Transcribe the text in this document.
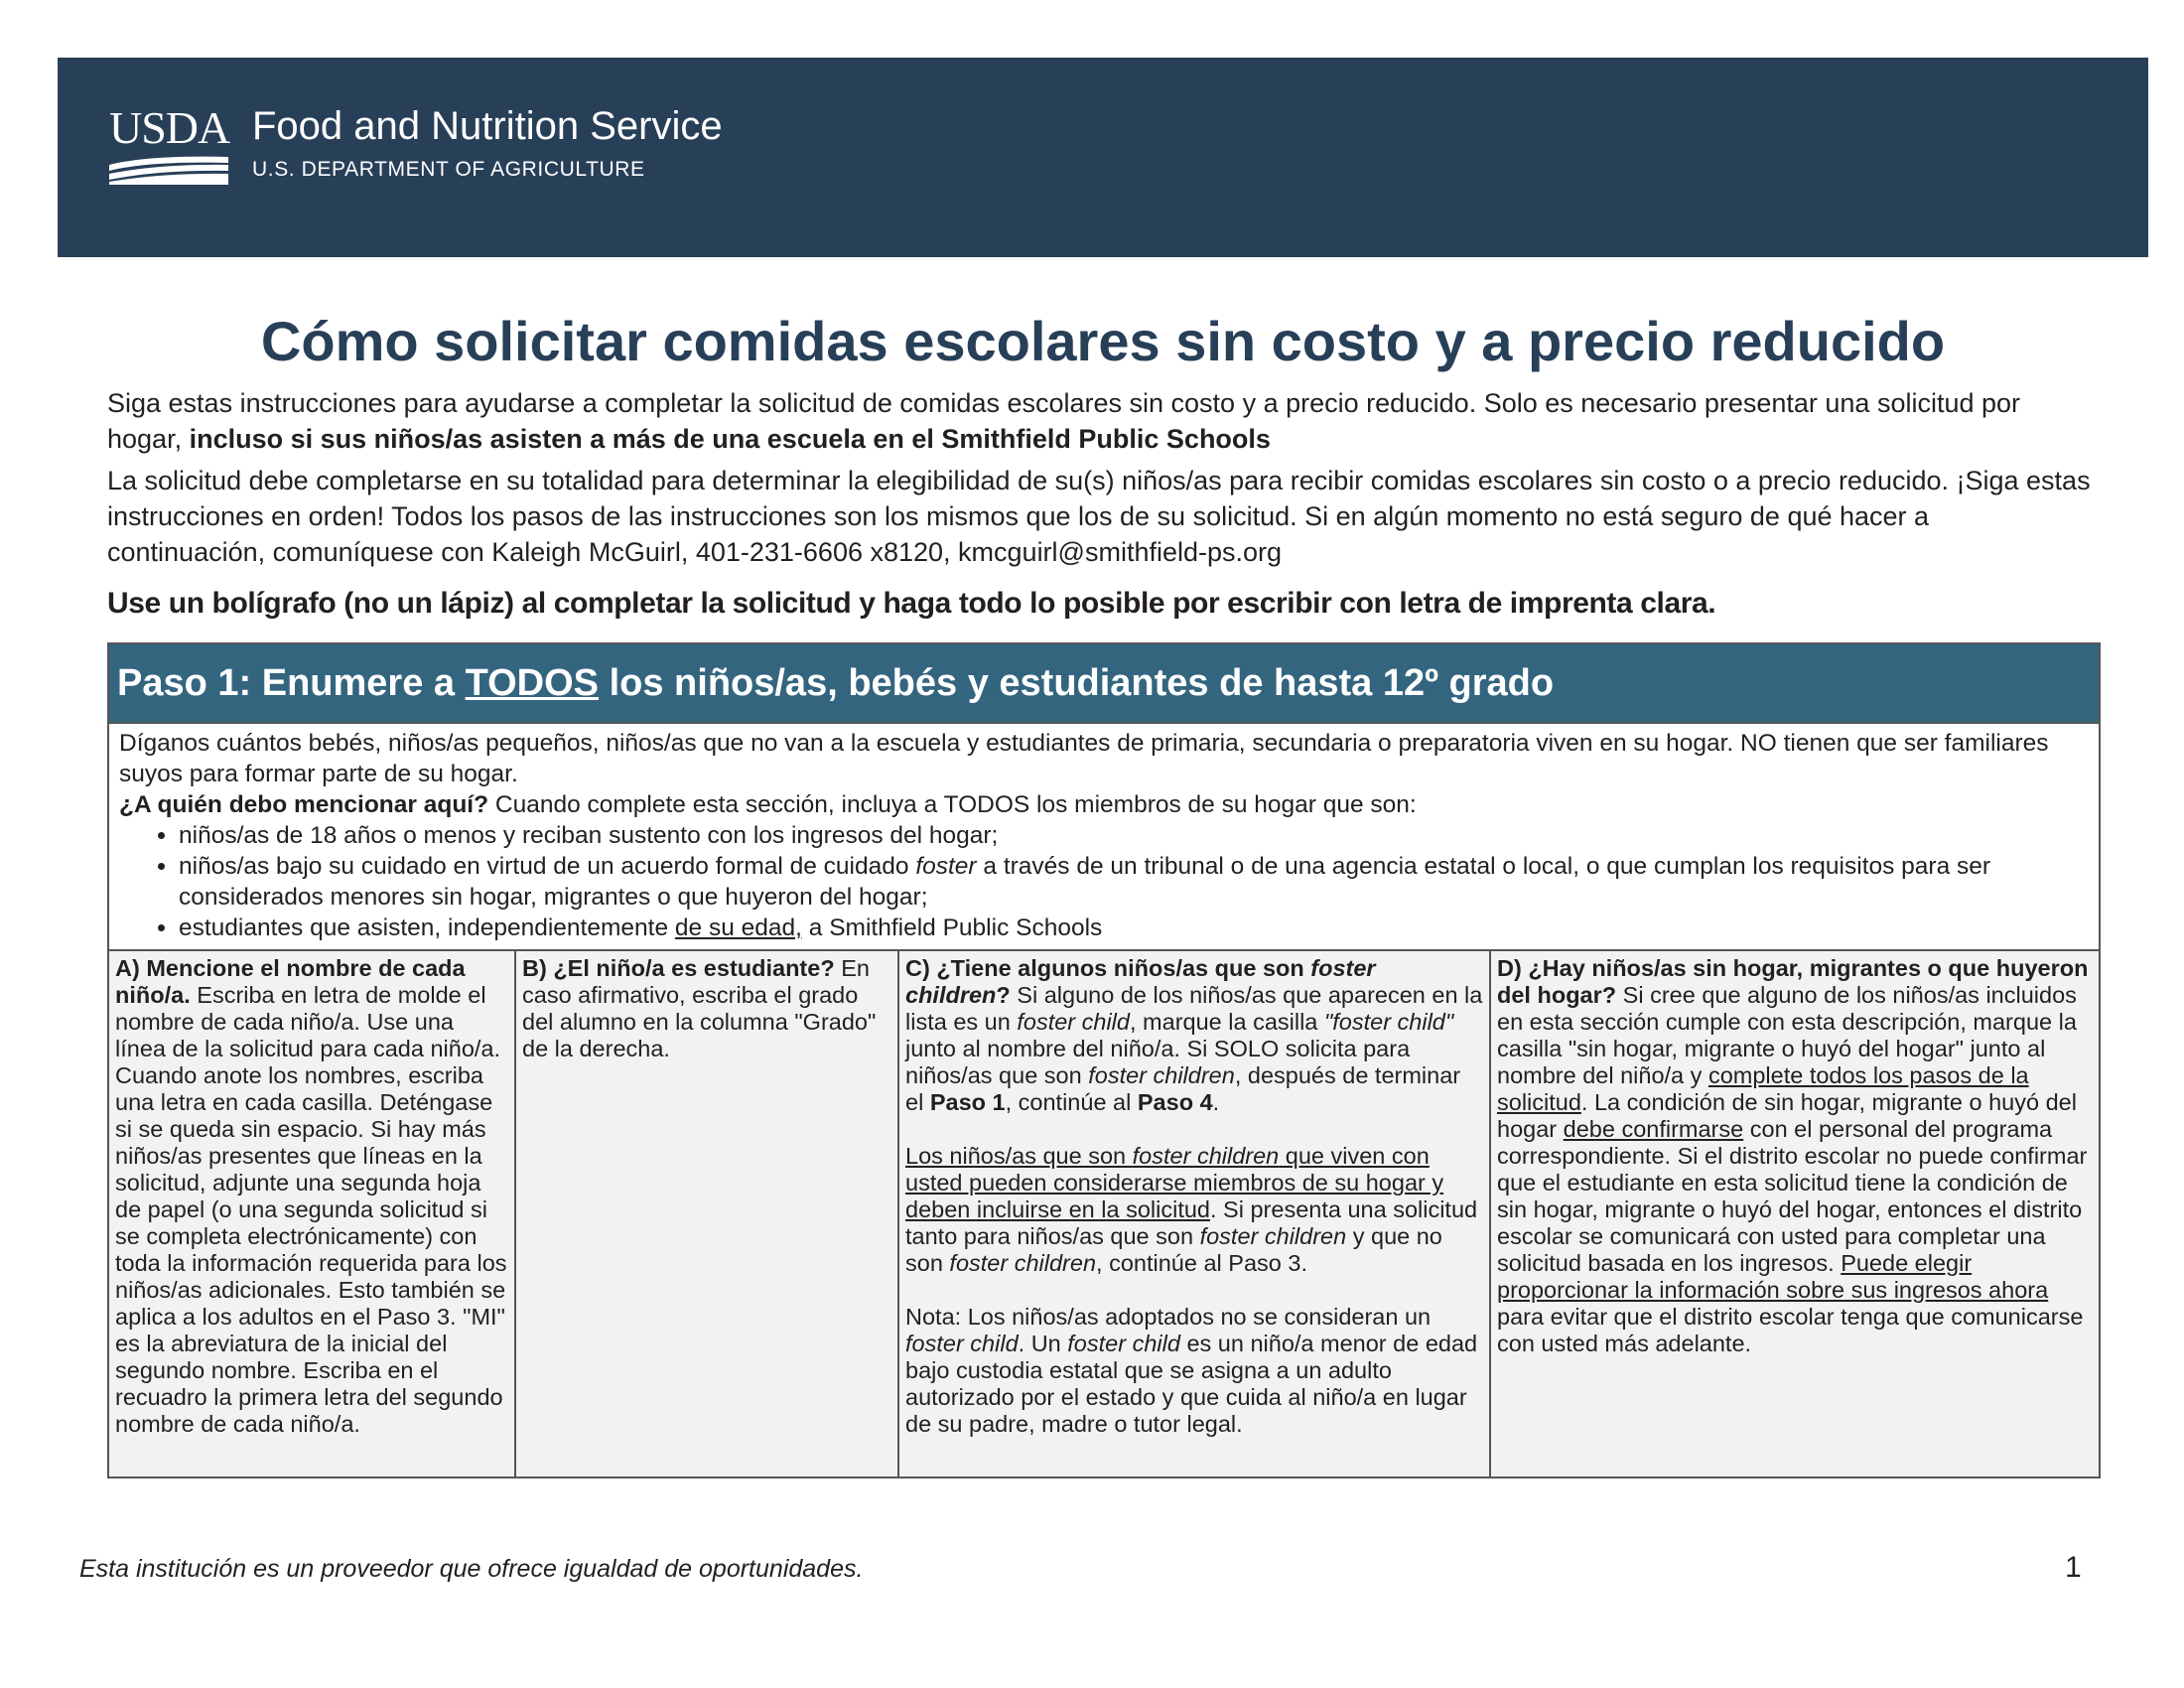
USDA Food and Nutrition Service
U.S. DEPARTMENT OF AGRICULTURE
Cómo solicitar comidas escolares sin costo y a precio reducido

Siga estas instrucciones para ayudarse a completar la solicitud de comidas escolares sin costo y a precio reducido. Solo es necesario presentar una solicitud por hogar, incluso si sus niños/as asisten a más de una escuela en el Smithfield Public Schools

La solicitud debe completarse en su totalidad para determinar la elegibilidad de su(s) niños/as para recibir comidas escolares sin costo o a precio reducido. ¡Siga estas instrucciones en orden! Todos los pasos de las instrucciones son los mismos que los de su solicitud. Si en algún momento no está seguro de qué hacer a continuación, comuníquese con Kaleigh McGuirl, 401-231-6606 x8120, kmcguirl@smithfield-ps.org

Use un bolígrafo (no un lápiz) al completar la solicitud y haga todo lo posible por escribir con letra de imprenta clara.

Paso 1: Enumere a TODOS los niños/as, bebés y estudiantes de hasta 12º grado

Díganos cuántos bebés, niños/as pequeños, niños/as que no van a la escuela y estudiantes de primaria, secundaria o preparatoria viven en su hogar. NO tienen que ser familiares suyos para formar parte de su hogar.

¿A quién debo mencionar aquí? Cuando complete esta sección, incluya a TODOS los miembros de su hogar que son:

• niños/as de 18 años o menos y reciban sustento con los ingresos del hogar;
• niños/as bajo su cuidado en virtud de un acuerdo formal de cuidado foster a través de un tribunal o de una agencia estatal o local, o que cumplan los requisitos para ser considerados menores sin hogar, migrantes o que huyeron del hogar;
• estudiantes que asisten, independientemente de su edad, a Smithfield Public Schools

A) Mencione el nombre de cada niño/a. Escriba en letra de molde el nombre de cada niño/a. Use una línea de la solicitud para cada niño/a. Cuando anote los nombres, escriba una letra en cada casilla. Deténgase si se queda sin espacio. Si hay más niños/as presentes que líneas en la solicitud, adjunte una segunda hoja de papel (o una segunda solicitud si se completa electrónicamente) con toda la información requerida para los niños/as adicionales. Esto también se aplica a los adultos en el Paso 3. "MI" es la abreviatura de la inicial del segundo nombre. Escriba en el recuadro la primera letra del segundo nombre de cada niño/a.

B) ¿El niño/a es estudiante? En caso afirmativo, escriba el grado del alumno en la columna "Grado" de la derecha.

C) ¿Tiene algunos niños/as que son foster children? Si alguno de los niños/as que aparecen en la lista es un foster child, marque la casilla "foster child" junto al nombre del niño/a. Si SOLO solicita para niños/as que son foster children, después de terminar el Paso 1, continúe al Paso 4.

Los niños/as que son foster children que viven con usted pueden considerarse miembros de su hogar y deben incluirse en la solicitud. Si presenta una solicitud tanto para niños/as que son foster children y que no son foster children, continúe al Paso 3.

Nota: Los niños/as adoptados no se consideran un foster child. Un foster child es un niño/a menor de edad bajo custodia estatal que se asigna a un adulto autorizado por el estado y que cuida al niño/a en lugar de su padre, madre o tutor legal.

D) ¿Hay niños/as sin hogar, migrantes o que huyeron del hogar? Si cree que alguno de los niños/as incluidos en esta sección cumple con esta descripción, marque la casilla "sin hogar, migrante o huyó del hogar" junto al nombre del niño/a y complete todos los pasos de la solicitud. La condición de sin hogar, migrante o huyó del hogar debe confirmarse con el personal del programa correspondiente. Si el distrito escolar no puede confirmar que el estudiante en esta solicitud tiene la condición de sin hogar, migrante o huyó del hogar, entonces el distrito escolar se comunicará con usted para completar una solicitud basada en los ingresos. Puede elegir proporcionar la información sobre sus ingresos ahora para evitar que el distrito escolar tenga que comunicarse con usted más adelante.

Esta institución es un proveedor que ofrece igualdad de oportunidades.	1
